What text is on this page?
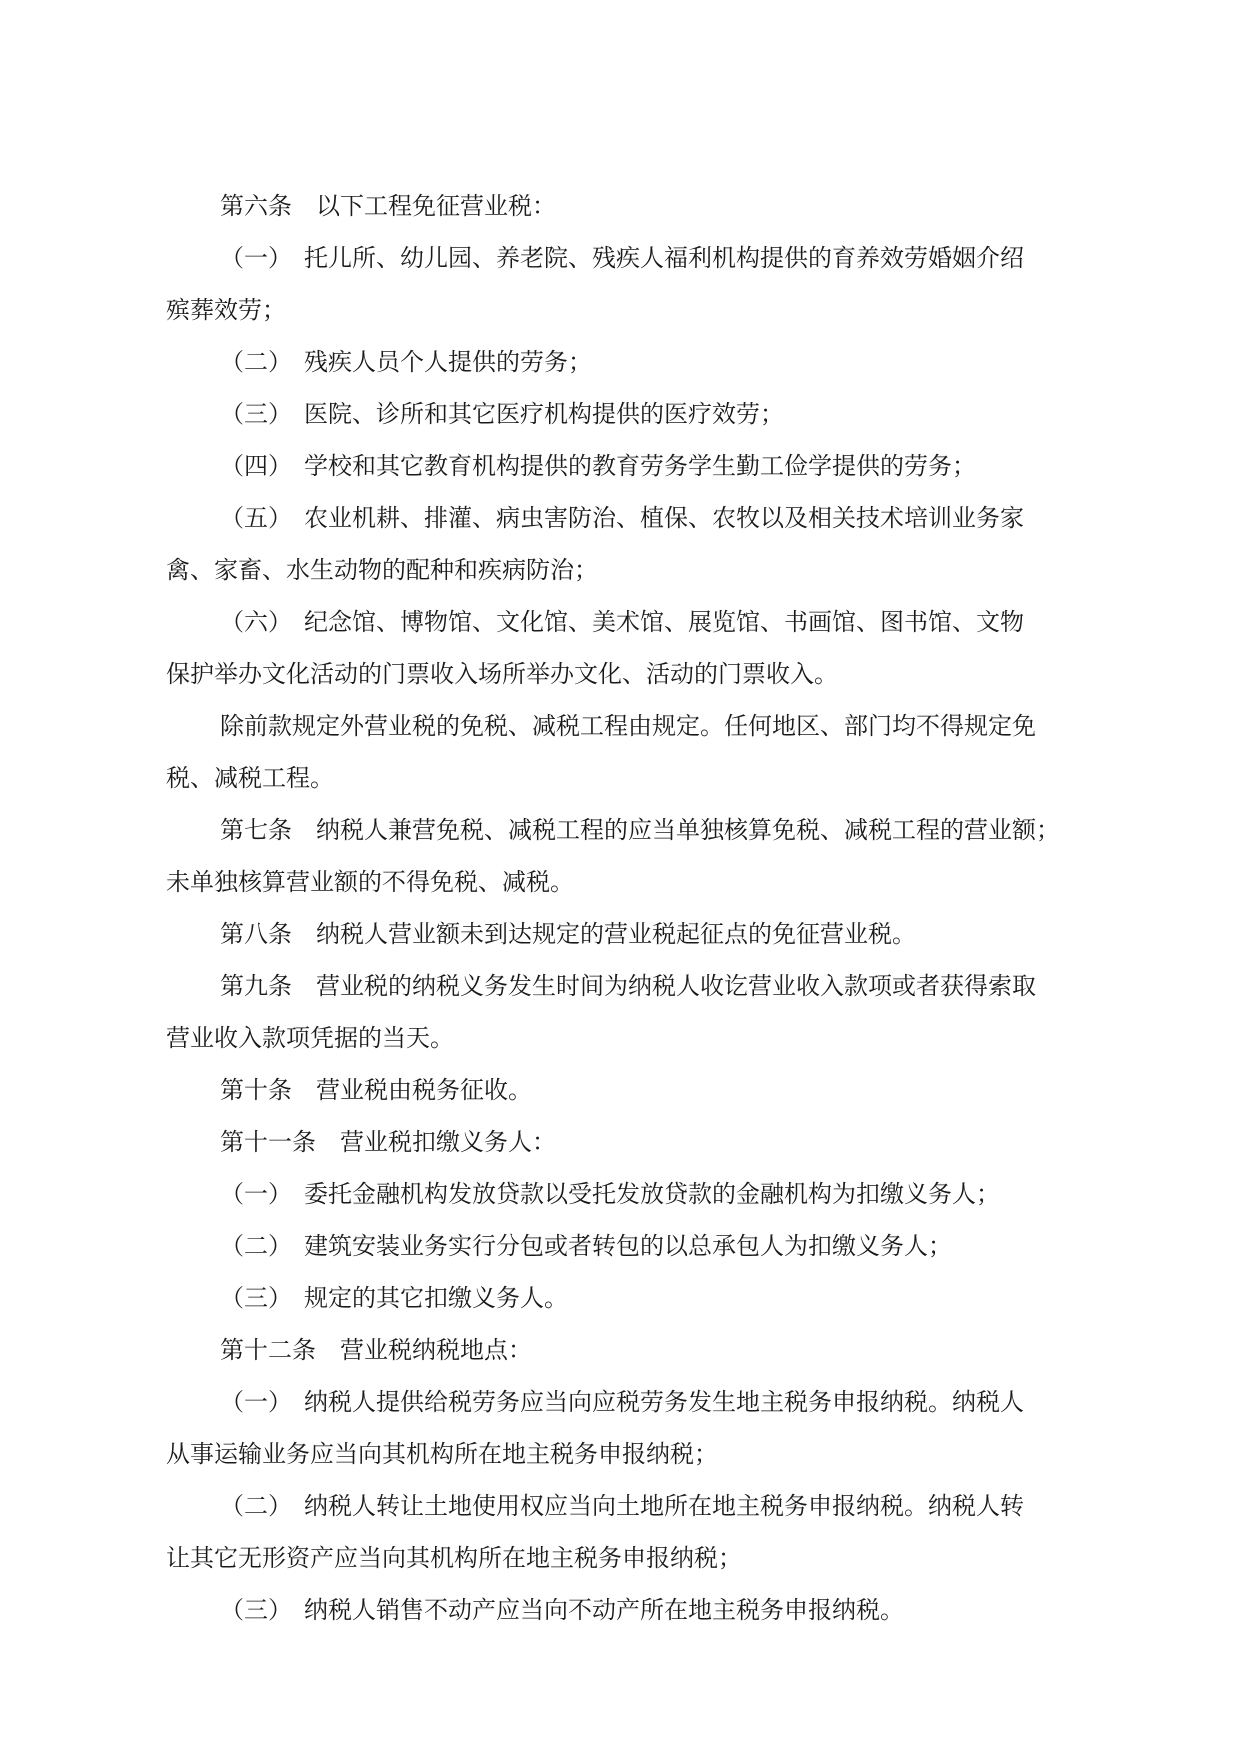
第六条　以下工程免征营业税：
（一）　托儿所、幼儿园、养老院、残疾人福利机构提供的育养效劳婚姻介绍
殡葬效劳；
（二）　残疾人员个人提供的劳务；
（三）　医院、诊所和其它医疗机构提供的医疗效劳；
（四）　学校和其它教育机构提供的教育劳务学生勤工俭学提供的劳务；
（五）　农业机耕、排灌、病虫害防治、植保、农牧以及相关技术培训业务家
禽、家畜、水生动物的配种和疾病防治；
（六）　纪念馆、博物馆、文化馆、美术馆、展览馆、书画馆、图书馆、文物
保护举办文化活动的门票收入场所举办文化、活动的门票收入。
除前款规定外营业税的免税、减税工程由规定。任何地区、部门均不得规定免
税、减税工程。
第七条　纳税人兼营免税、减税工程的应当单独核算免税、减税工程的营业额；
未单独核算营业额的不得免税、减税。
第八条　纳税人营业额未到达规定的营业税起征点的免征营业税。
第九条　营业税的纳税义务发生时间为纳税人收讫营业收入款项或者获得索取
营业收入款项凭据的当天。
第十条　营业税由税务征收。
第十一条　营业税扣缴义务人：
（一）　委托金融机构发放贷款以受托发放贷款的金融机构为扣缴义务人；
（二）　建筑安装业务实行分包或者转包的以总承包人为扣缴义务人；
（三）　规定的其它扣缴义务人。
第十二条　营业税纳税地点：
（一）　纳税人提供给税劳务应当向应税劳务发生地主税务申报纳税。纳税人
从事运输业务应当向其机构所在地主税务申报纳税；
（二）　纳税人转让土地使用权应当向土地所在地主税务申报纳税。纳税人转
让其它无形资产应当向其机构所在地主税务申报纳税；
（三）　纳税人销售不动产应当向不动产所在地主税务申报纳税。
